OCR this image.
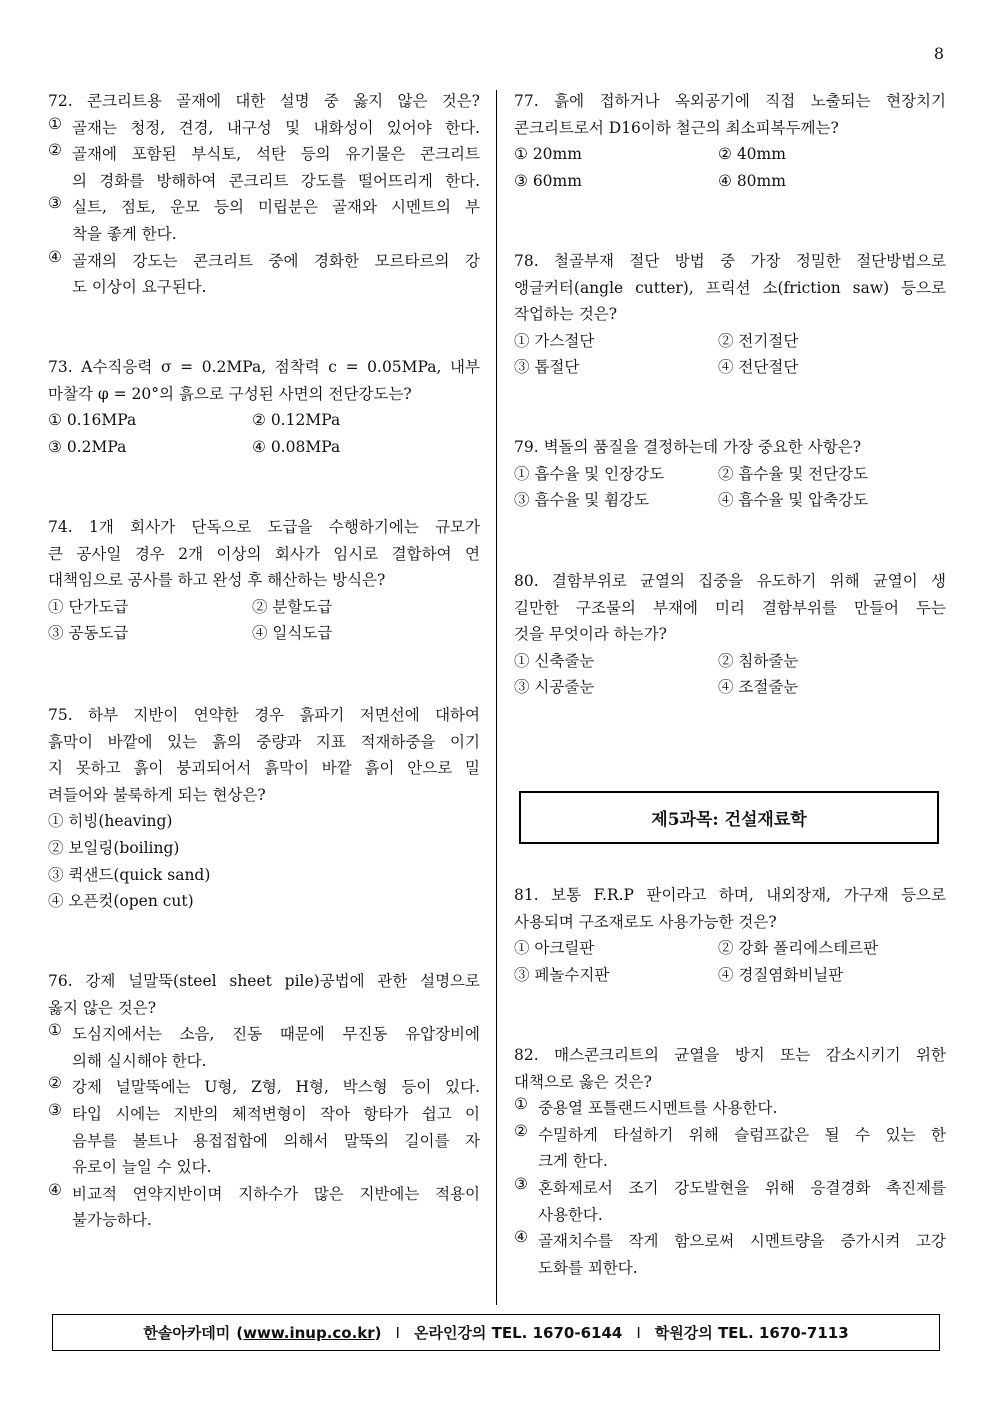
8
72. 콘크리트용 골재에 대한 설명 중 옳지 않은 것은?
① 골재는 청정, 견경, 내구성 및 내화성이 있어야 한다.
② 골재에 포함된 부식토, 석탄 등의 유기물은 콘크리트
의 경화를 방해하여 콘크리트 강도를 떨어뜨리게 한다.
③ 실트, 점토, 운모 등의 미립분은 골재와 시멘트의 부
착을 좋게 한다.
④ 골재의 강도는 콘크리트 중에 경화한 모르타르의 강
도 이상이 요구된다.
73. A수직응력 σ = 0.2MPa, 점착력 c = 0.05MPa, 내부
마찰각 φ = 20°의 흙으로 구성된 사면의 전단강도는?
① 0.16MPa	② 0.12MPa
③ 0.2MPa	④ 0.08MPa
74. 1개 회사가 단독으로 도급을 수행하기에는 규모가
큰 공사일 경우 2개 이상의 회사가 임시로 결합하여 연
대책임으로 공사를 하고 완성 후 해산하는 방식은?
① 단가도급	② 분할도급
③ 공동도급	④ 일식도급
75. 하부 지반이 연약한 경우 흙파기 저면선에 대하여
흙막이 바깥에 있는 흙의 중량과 지표 적재하중을 이기
지 못하고 흙이 붕괴되어서 흙막이 바깥 흙이 안으로 밀
려들어와 불룩하게 되는 현상은?
① 히빙(heaving)
② 보일링(boiling)
③ 퀵샌드(quick sand)
④ 오픈컷(open cut)
76. 강제 널말뚝(steel sheet pile)공법에 관한 설명으로
옳지 않은 것은?
① 도심지에서는 소음, 진동 때문에 무진동 유압장비에
의해 실시해야 한다.
② 강제 널말뚝에는 U형, Z형, H형, 박스형 등이 있다.
③ 타입 시에는 지반의 체적변형이 작아 항타가 쉽고 이
음부를 볼트나 용접접합에 의해서 말뚝의 길이를 자
유로이 늘일 수 있다.
④ 비교적 연약지반이며 지하수가 많은 지반에는 적용이
불가능하다.
77. 흙에 접하거나 옥외공기에 직접 노출되는 현장치기
콘크리트로서 D16이하 철근의 최소피복두께는?
① 20mm	② 40mm
③ 60mm	④ 80mm
78. 철골부재 절단 방법 중 가장 정밀한 절단방법으로
앵글커터(angle cutter), 프릭션 소(friction saw) 등으로
작업하는 것은?
① 가스절단	② 전기절단
③ 톱절단	④ 전단절단
79. 벽돌의 품질을 결정하는데 가장 중요한 사항은?
① 흡수율 및 인장강도	② 흡수율 및 전단강도
③ 흡수율 및 휨강도	④ 흡수율 및 압축강도
80. 결함부위로 균열의 집중을 유도하기 위해 균열이 생
길만한 구조물의 부재에 미리 결함부위를 만들어 두는
것을 무엇이라 하는가?
① 신축줄눈	② 침하줄눈
③ 시공줄눈	④ 조절줄눈
81. 보통 F.R.P 판이라고 하며, 내외장재, 가구재 등으로
사용되며 구조재로도 사용가능한 것은?
① 아크릴판	② 강화 폴리에스테르판
③ 페놀수지판	④ 경질염화비닐판
82. 매스콘크리트의 균열을 방지 또는 감소시키기 위한
대책으로 옳은 것은?
① 중용열 포틀랜드시멘트를 사용한다.
② 수밀하게 타설하기 위해 슬럼프값은 될 수 있는 한
크게 한다.
③ 혼화제로서 조기 강도발현을 위해 응결경화 촉진제를
사용한다.
④ 골재치수를 작게 함으로써 시멘트량을 증가시켜 고강
도화를 꾀한다.
제5과목: 건설재료학
한솔아카데미 ( www.inup.co.kr ) I 온라인강의 TEL. 1670-6144 I 학원강의 TEL. 1670-7113
